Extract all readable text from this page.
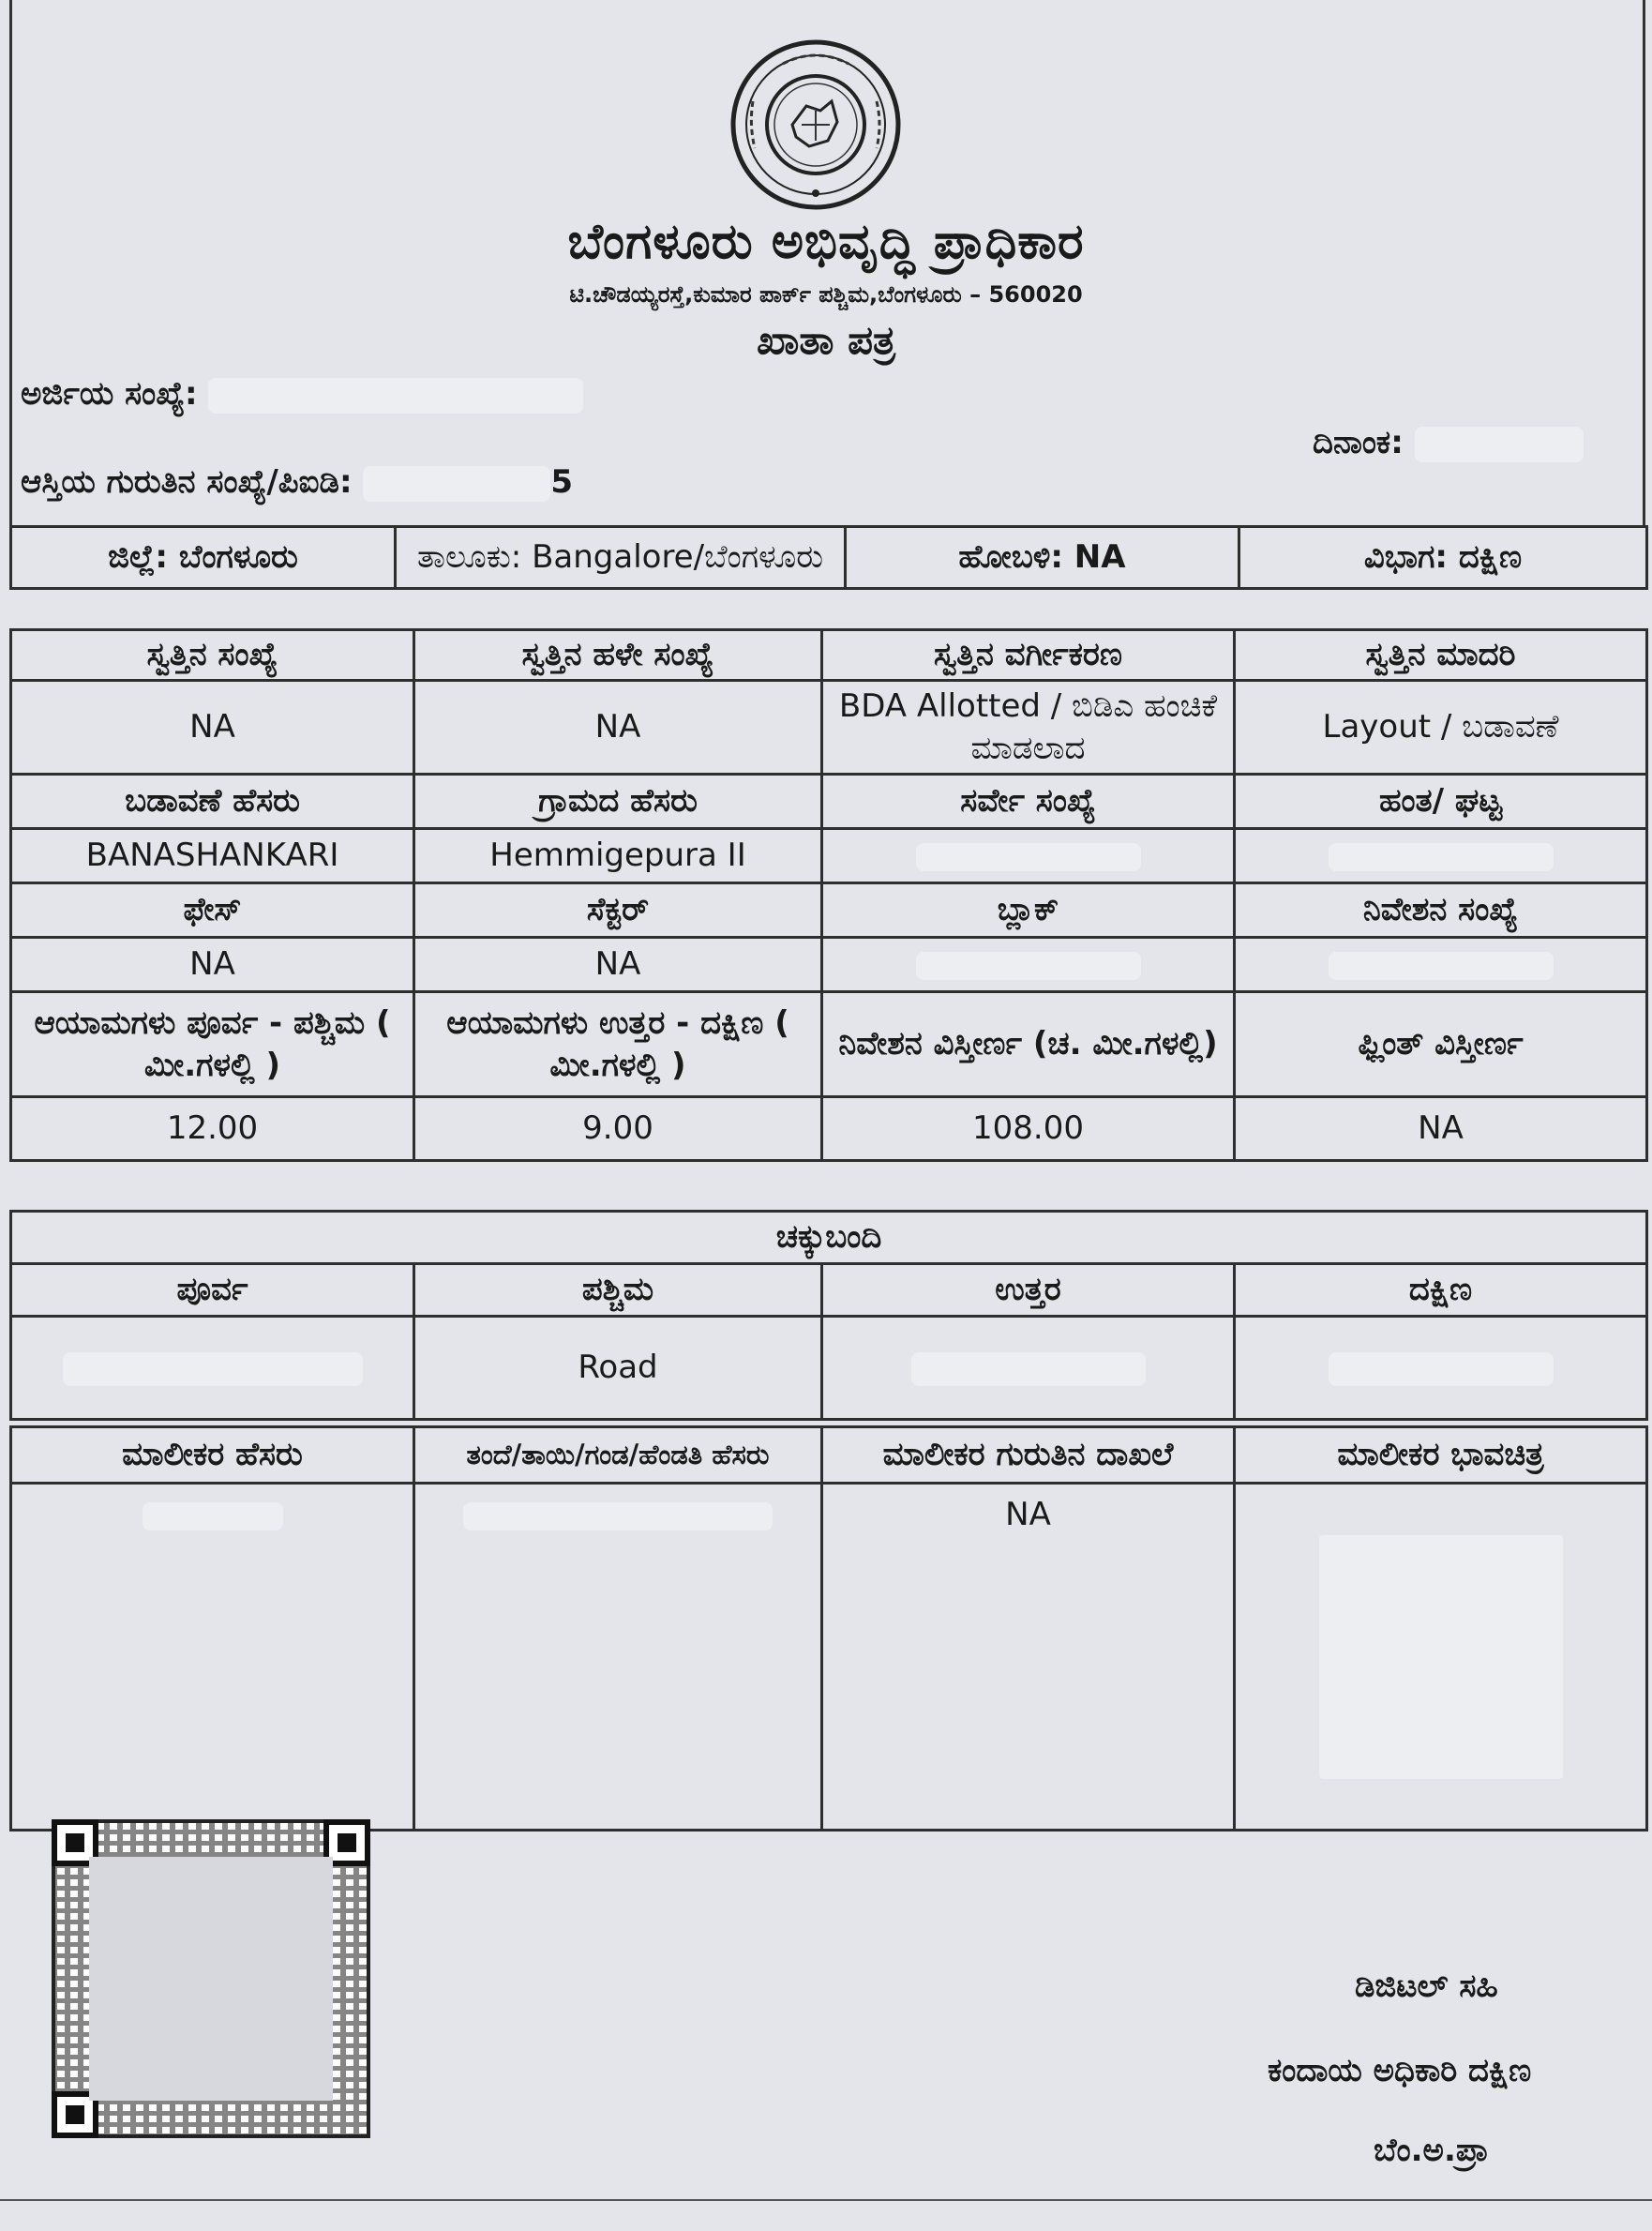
ಬೆಂಗಳೂರು ಅಭಿವೃದ್ಧಿ ಪ್ರಾಧಿಕಾರ
ಟಿ.ಚೌಡಯ್ಯರಸ್ತೆ,ಕುಮಾರ ಪಾರ್ಕ್ ಪಶ್ಚಿಮ,ಬೆಂಗಳೂರು – 560020
ಖಾತಾ ಪತ್ರ
ಅರ್ಜಿಯ ಸಂಖ್ಯೆ:
ದಿನಾಂಕ:
ಆಸ್ತಿಯ ಗುರುತಿನ ಸಂಖ್ಯೆ/ಪಿಐಡಿ:	5
ಜಿಲ್ಲೆ: ಬೆಂಗಳೂರು	ತಾಲೂಕು: Bangalore/ಬೆಂಗಳೂರು	ಹೋಬಳಿ: NA	ವಿಭಾಗ: ದಕ್ಷಿಣ
ಸ್ವತ್ತಿನ ಸಂಖ್ಯೆ	ಸ್ವತ್ತಿನ ಹಳೇ ಸಂಖ್ಯೆ	ಸ್ವತ್ತಿನ ವರ್ಗೀಕರಣ	ಸ್ವತ್ತಿನ ಮಾದರಿ
NA	NA	BDA Allotted / ಬಿಡಿಎ ಹಂಚಿಕೆ ಮಾಡಲಾದ	Layout / ಬಡಾವಣೆ
ಬಡಾವಣೆ ಹೆಸರು	ಗ್ರಾಮದ ಹೆಸರು	ಸರ್ವೇ ಸಂಖ್ಯೆ	ಹಂತ/ ಘಟ್ಟ
BANASHANKARI	Hemmigepura II		
ಫೇಸ್	ಸೆಕ್ಟರ್	ಬ್ಲಾಕ್	ನಿವೇಶನ ಸಂಖ್ಯೆ
NA	NA		
ಆಯಾಮಗಳು ಪೂರ್ವ - ಪಶ್ಚಿಮ ( ಮೀ.ಗಳಲ್ಲಿ )	ಆಯಾಮಗಳು ಉತ್ತರ - ದಕ್ಷಿಣ ( ಮೀ.ಗಳಲ್ಲಿ )	ನಿವೇಶನ ವಿಸ್ತೀರ್ಣ (ಚ. ಮೀ.ಗಳಲ್ಲಿ)	ಫ್ಲಿಂತ್ ವಿಸ್ತೀರ್ಣ
12.00	9.00	108.00	NA
ಚಕ್ಕುಬಂದಿ			
ಪೂರ್ವ	ಪಶ್ಚಿಮ	ಉತ್ತರ	ದಕ್ಷಿಣ
	Road		
ಮಾಲೀಕರ ಹೆಸರು	ತಂದೆ/ತಾಯಿ/ಗಂಡ/ಹೆಂಡತಿ ಹೆಸರು	ಮಾಲೀಕರ ಗುರುತಿನ ದಾಖಲೆ	ಮಾಲೀಕರ ಭಾವಚಿತ್ರ
		NA	
ಡಿಜಿಟಲ್ ಸಹಿ
ಕಂದಾಯ ಅಧಿಕಾರಿ ದಕ್ಷಿಣ
ಬೆಂ.ಅ.ಪ್ರಾ
